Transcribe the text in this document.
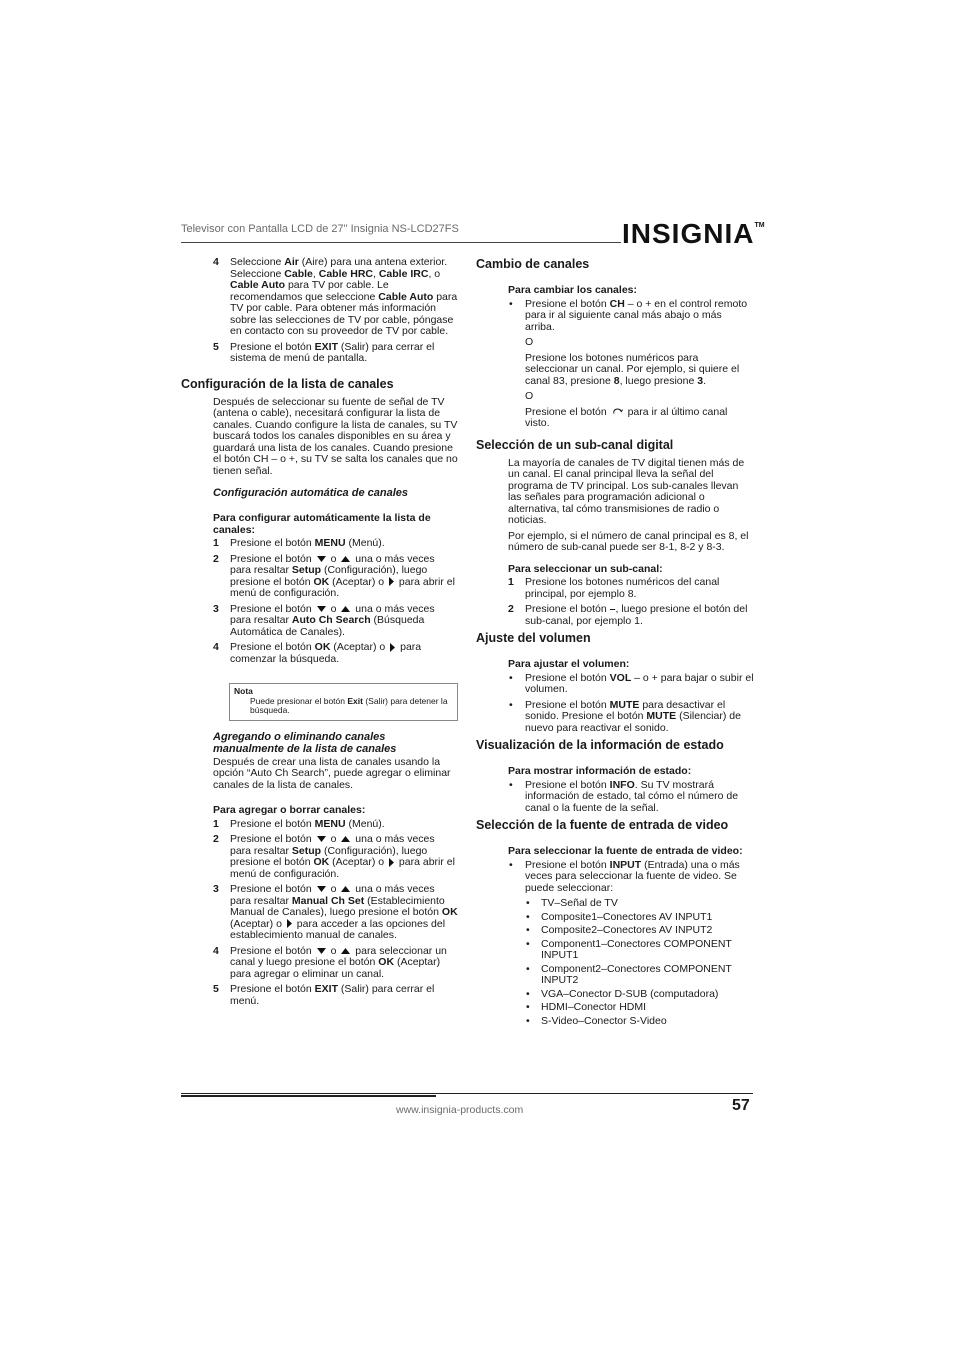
Televisor con Pantalla LCD de 27" Insignia NS-LCD27FS	INSIGNIA™
4 Seleccione Air (Aire) para una antena exterior. Seleccione Cable, Cable HRC, Cable IRC, o Cable Auto para TV por cable. Le recomendamos que seleccione Cable Auto para TV por cable. Para obtener más información sobre las selecciones de TV por cable, póngase en contacto con su proveedor de TV por cable.
5 Presione el botón EXIT (Salir) para cerrar el sistema de menú de pantalla.
Configuración de la lista de canales

Después de seleccionar su fuente de señal de TV (antena o cable), necesitará configurar la lista de canales. Cuando configure la lista de canales, su TV buscará todos los canales disponibles en su área y guardará una lista de los canales. Cuando presione el botón CH – o +, su TV se salta los canales que no tienen señal.

Configuración automática de canales
Para configurar automáticamente la lista de canales:
1 Presione el botón MENU (Menú).
2 Presione el botón  o  una o más veces para resaltar Setup (Configuración), luego presione el botón OK (Aceptar) o  para abrir el menú de configuración.
3 Presione el botón  o  una o más veces para resaltar Auto Ch Search (Búsqueda Automática de Canales).
4 Presione el botón OK (Aceptar) o  para comenzar la búsqueda.
Nota
Puede presionar el botón Exit (Salir) para detener la búsqueda.
Agregando o eliminando canales manualmente de la lista de canales

Después de crear una lista de canales usando la opción “Auto Ch Search”, puede agregar o eliminar canales de la lista de canales.

Para agregar o borrar canales:
1 Presione el botón MENU (Menú).
2 Presione el botón  o  una o más veces para resaltar Setup (Configuración), luego presione el botón OK (Aceptar) o  para abrir el menú de configuración.
3 Presione el botón  o  una o más veces para resaltar Manual Ch Set (Establecimiento Manual de Canales), luego presione el botón OK (Aceptar) o  para acceder a las opciones del establecimiento manual de canales.
4 Presione el botón  o  para seleccionar un canal y luego presione el botón OK (Aceptar) para agregar o eliminar un canal.
5 Presione el botón EXIT (Salir) para cerrar el menú.
Cambio de canales
Para cambiar los canales:
• Presione el botón CH – o + en el control remoto para ir al siguiente canal más abajo o más arriba.
O
Presione los botones numéricos para seleccionar un canal. Por ejemplo, si quiere el canal 83, presione 8, luego presione 3.
O
Presione el botón  para ir al último canal visto.
Selección de un sub-canal digital

La mayoría de canales de TV digital tienen más de un canal. El canal principal lleva la señal del programa de TV principal. Los sub-canales llevan las señales para programación adicional o alternativa, tal cómo transmisiones de radio o noticias.

Por ejemplo, si el número de canal principal es 8, el número de sub-canal puede ser 8-1, 8-2 y 8-3.

Para seleccionar un sub-canal:
1 Presione los botones numéricos del canal principal, por ejemplo 8.
2 Presione el botón –, luego presione el botón del sub-canal, por ejemplo 1.
Ajuste del volumen
Para ajustar el volumen:
• Presione el botón VOL – o + para bajar o subir el volumen.
• Presione el botón MUTE para desactivar el sonido. Presione el botón MUTE (Silenciar) de nuevo para reactivar el sonido.
Visualización de la información de estado
Para mostrar información de estado:
• Presione el botón INFO. Su TV mostrará información de estado, tal cómo el número de canal o la fuente de la señal.
Selección de la fuente de entrada de video
Para seleccionar la fuente de entrada de video:
• Presione el botón INPUT (Entrada) una o más veces para seleccionar la fuente de video. Se puede seleccionar:
• TV–Señal de TV
• Composite1–Conectores AV INPUT1
• Composite2–Conectores AV INPUT2
• Component1–Conectores COMPONENT INPUT1
• Component2–Conectores COMPONENT INPUT2
• VGA–Conector D-SUB (computadora)
• HDMI–Conector HDMI
• S-Video–Conector S-Video
www.insignia-products.com	57
